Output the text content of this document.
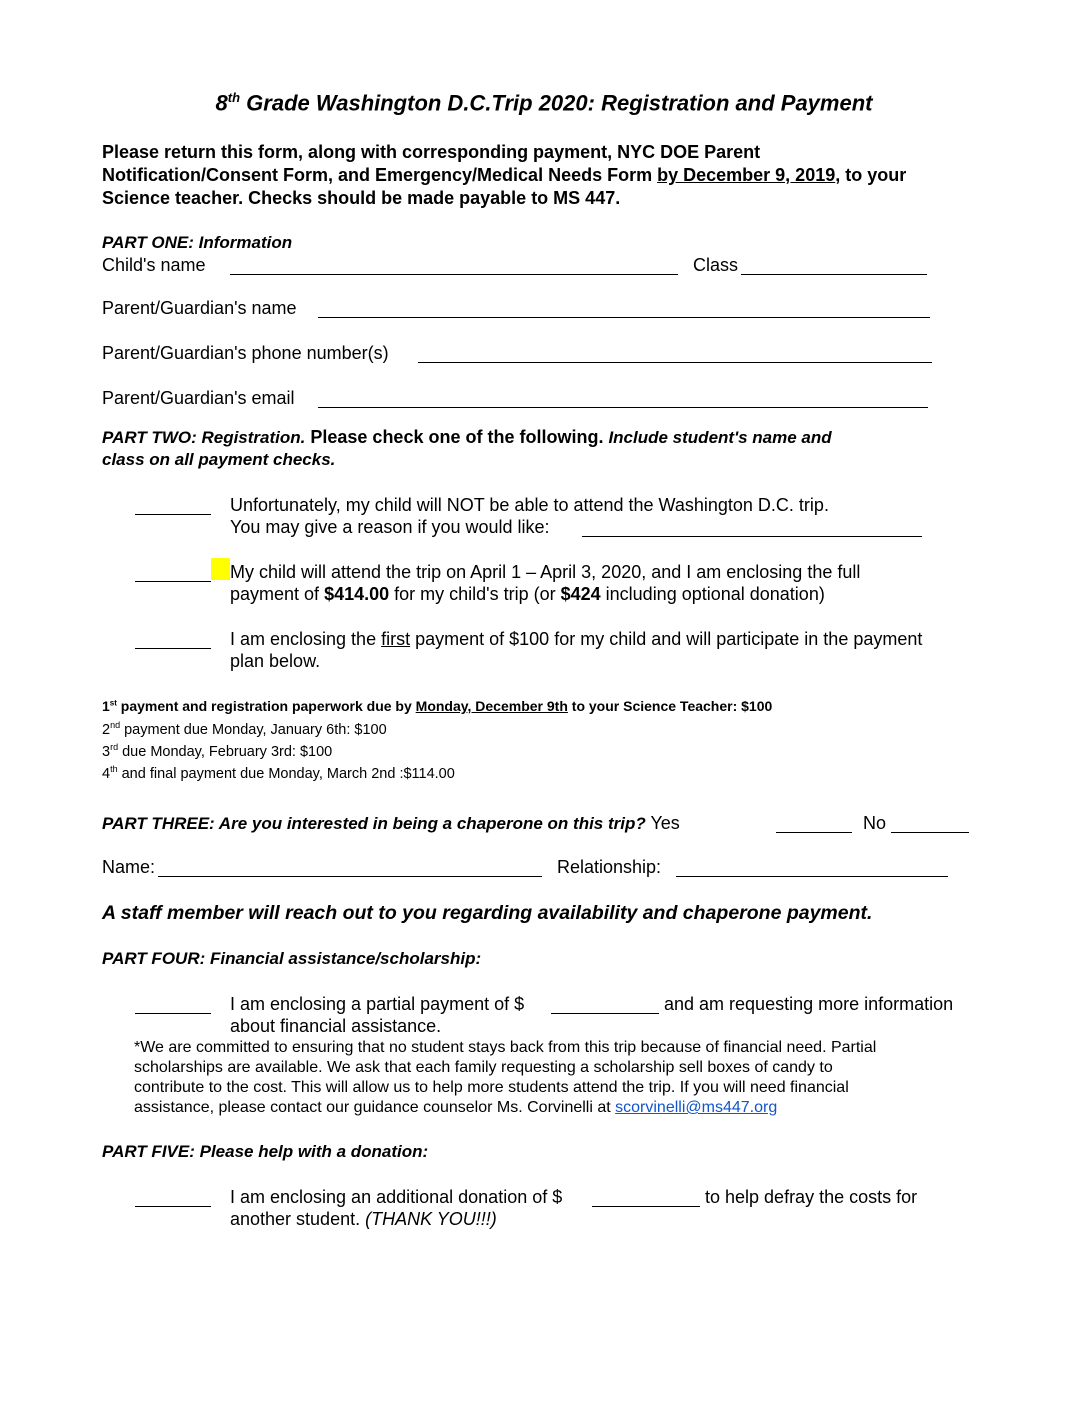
8th Grade Washington D.C.Trip 2020: Registration and Payment
Please return this form, along with corresponding payment, NYC DOE Parent
Notification/Consent Form, and Emergency/Medical Needs Form by December 9, 2019, to your
Science teacher. Checks should be made payable to MS 447.
PART ONE: Information
Child's name	Class
Parent/Guardian's name
Parent/Guardian's phone number(s)
Parent/Guardian's email
PART TWO: Registration. Please check one of the following. Include student's name and
class on all payment checks.
Unfortunately, my child will NOT be able to attend the Washington D.C. trip.
You may give a reason if you would like:
My child will attend the trip on April 1 – April 3, 2020, and I am enclosing the full
payment of $414.00 for my child's trip (or $424 including optional donation)
I am enclosing the first payment of $100 for my child and will participate in the payment
plan below.
1st payment and registration paperwork due by Monday, December 9th to your Science Teacher: $100
2nd payment due Monday, January 6th: $100
3rd due Monday, February 3rd: $100
4th and final payment due Monday, March 2nd :$114.00
PART THREE: Are you interested in being a chaperone on this trip? Yes	No
Name:	Relationship:
A staff member will reach out to you regarding availability and chaperone payment.
PART FOUR: Financial assistance/scholarship:
I am enclosing a partial payment of $	and am requesting more information
about financial assistance.
*We are committed to ensuring that no student stays back from this trip because of financial need. Partial
scholarships are available. We ask that each family requesting a scholarship sell boxes of candy to
contribute to the cost. This will allow us to help more students attend the trip. If you will need financial
assistance, please contact our guidance counselor Ms. Corvinelli at scorvinelli@ms447.org
PART FIVE: Please help with a donation:
I am enclosing an additional donation of $	to help defray the costs for
another student. (THANK YOU!!!)
